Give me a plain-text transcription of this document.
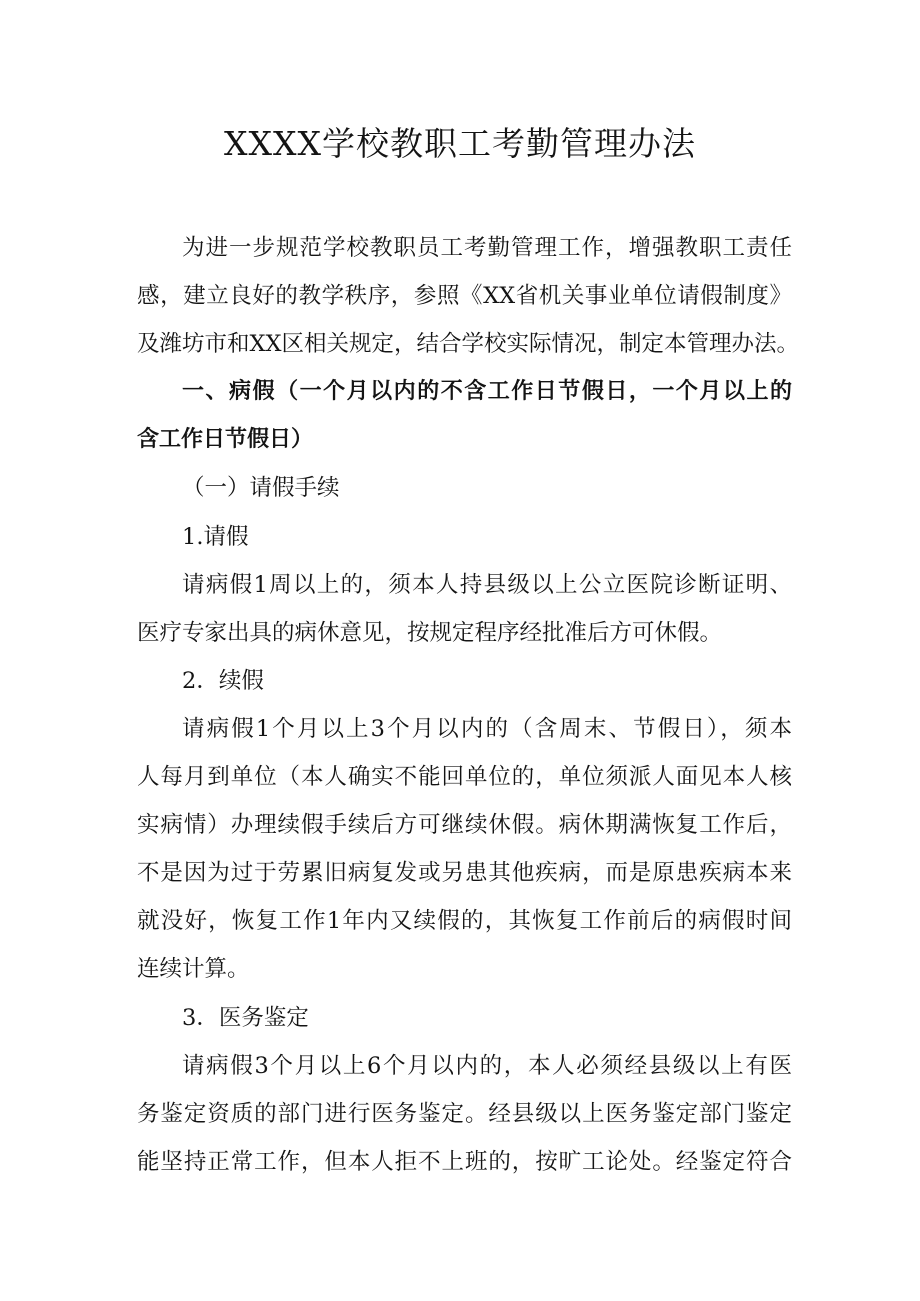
XXXX学校教职工考勤管理办法
为进一步规范学校教职员工考勤管理工作，增强教职工责任
感，建立良好的教学秩序，参照《XX省机关事业单位请假制度》
及潍坊市和XX区相关规定，结合学校实际情况，制定本管理办法。
一、病假（一个月以内的不含工作日节假日，一个月以上的
含工作日节假日）
（一）请假手续
1.请假
请病假1周以上的，须本人持县级以上公立医院诊断证明、
医疗专家出具的病休意见，按规定程序经批准后方可休假。
2．续假
请病假1个月以上3个月以内的（含周末、节假日），须本
人每月到单位（本人确实不能回单位的，单位须派人面见本人核
实病情）办理续假手续后方可继续休假。病休期满恢复工作后，
不是因为过于劳累旧病复发或另患其他疾病，而是原患疾病本来
就没好，恢复工作1年内又续假的，其恢复工作前后的病假时间
连续计算。
3．医务鉴定
请病假3个月以上6个月以内的，本人必须经县级以上有医
务鉴定资质的部门进行医务鉴定。经县级以上医务鉴定部门鉴定
能坚持正常工作，但本人拒不上班的，按旷工论处。经鉴定符合
